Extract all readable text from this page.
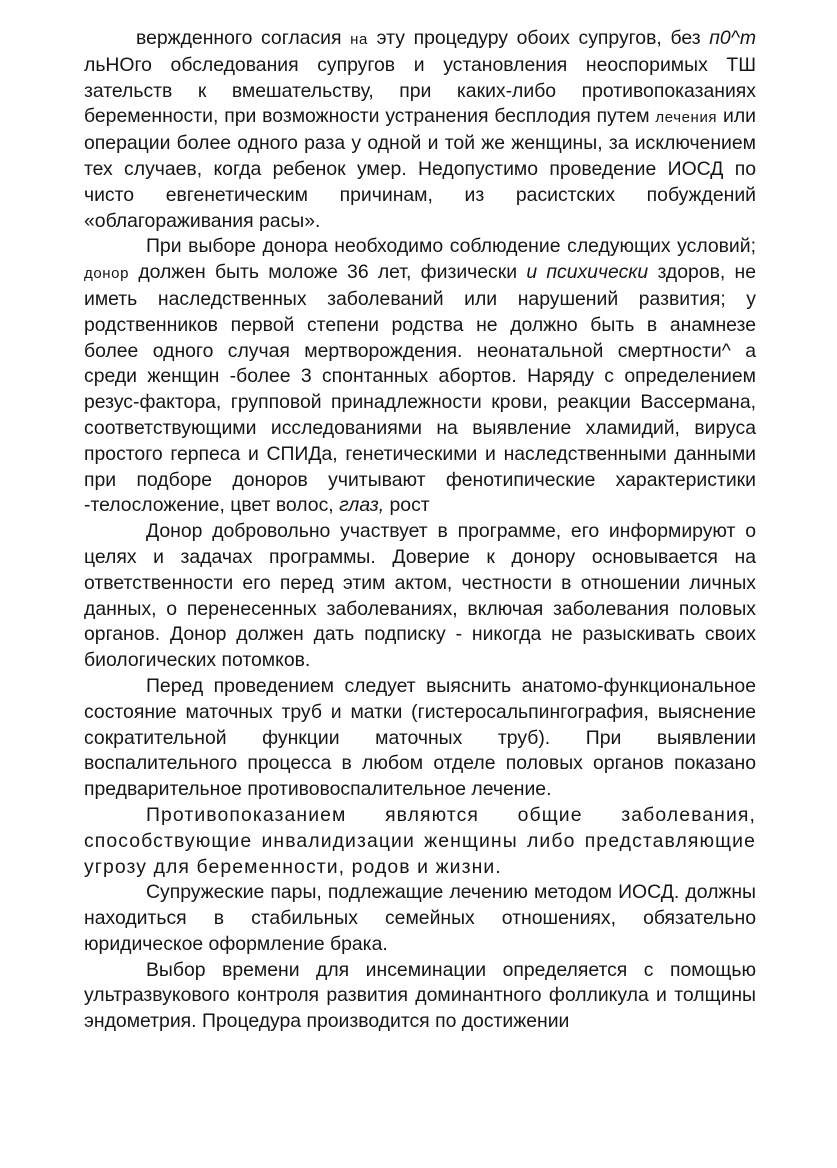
вержденного согласия на эту процедуру обоих супругов, без п0^т льНОго обследования супругов и установления неоспоримых ТШ зательств к вмешательству, при каких-либо противопоказаниях беременности, при возможности устранения бесплодия путем лечения или операции более одного раза у одной и той же женщины, за исключением тех случаев, когда ребенок умер. Недопустимо проведение ИОСД по чисто евгенетическим причинам, из расистских побуждений «облагораживания расы».

При выборе донора необходимо соблюдение следующих условий; донор должен быть моложе 36 лет, физически и психически здоров, не иметь наследственных заболеваний или нарушений развития; у родственников первой степени родства не должно быть в анамнезе более одного случая мертворождения. неонатальной смертности^ а среди женщин -более 3 спонтанных абортов. Наряду с определением резус-фактора, групповой принадлежности крови, реакции Вассермана, соответствующими исследованиями на выявление хламидий, вируса простого герпеса и СПИДа, генетическими и наследственными данными при подборе доноров учитывают фенотипические характеристики -телосложение, цвет волос, глаз, рост

Донор добровольно участвует в программе, его информируют о целях и задачах программы. Доверие к донору основывается на ответственности его перед этим актом, честности в отношении личных данных, о перенесенных заболеваниях, включая заболевания половых органов. Донор должен дать подписку - никогда не разыскивать своих биологических потомков.

Перед проведением следует выяснить анатомо-функциональное состояние маточных труб и матки (гистеросальпингография, выяснение сократительной функции маточных труб). При выявлении воспалительного процесса в любом отделе половых органов показано предварительное противовоспалительное лечение.

Противопоказанием являются общие заболевания, способствующие инвалидизации женщины либо представляющие угрозу для беременности, родов и жизни.

Супружеские пары, подлежащие лечению методом ИОСД. должны находиться в стабильных семейных отношениях, обязательно юридическое оформление брака.

Выбор времени для инсеминации определяется с помощью ультразвукового контроля развития доминантного фолликула и толщины эндометрия. Процедура производится по достижении
